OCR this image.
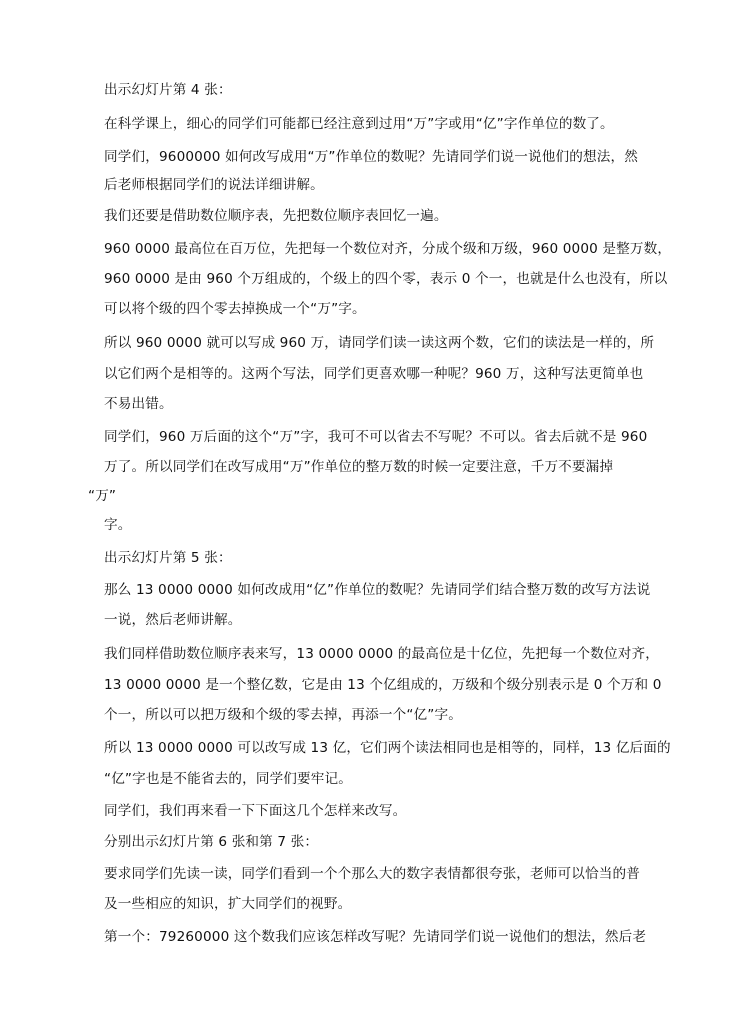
出示幻灯片第 4 张：
在科学课上，细心的同学们可能都已经注意到过用“万”字或用“亿”字作单位的数了。
同学们，9600000 如何改写成用“万”作单位的数呢？先请同学们说一说他们的想法，然
后老师根据同学们的说法详细讲解。
我们还要是借助数位顺序表，先把数位顺序表回忆一遍。
960 0000 最高位在百万位，先把每一个数位对齐，分成个级和万级，960 0000 是整万数，
960 0000 是由 960 个万组成的，个级上的四个零，表示 0 个一，也就是什么也没有，所以
可以将个级的四个零去掉换成一个“万”字。
所以 960 0000 就可以写成 960 万，请同学们读一读这两个数，它们的读法是一样的，所
以它们两个是相等的。这两个写法，同学们更喜欢哪一种呢？960 万，这种写法更简单也
不易出错。
同学们，960 万后面的这个“万”字，我可不可以省去不写呢？不可以。省去后就不是 960
万了。所以同学们在改写成用“万”作单位的整万数的时候一定要注意，千万不要漏掉
“万”
字。
出示幻灯片第 5 张：
那么 13 0000 0000 如何改成用“亿”作单位的数呢？先请同学们结合整万数的改写方法说
一说，然后老师讲解。
我们同样借助数位顺序表来写，13 0000 0000 的最高位是十亿位，先把每一个数位对齐，
13 0000 0000 是一个整亿数，它是由 13 个亿组成的，万级和个级分别表示是 0 个万和 0
个一，所以可以把万级和个级的零去掉，再添一个“亿”字。
所以 13 0000 0000 可以改写成 13 亿，它们两个读法相同也是相等的，同样，13 亿后面的
“亿”字也是不能省去的，同学们要牢记。
同学们，我们再来看一下下面这几个怎样来改写。
分别出示幻灯片第 6 张和第 7 张：
要求同学们先读一读，同学们看到一个个那么大的数字表情都很夸张，老师可以恰当的普
及一些相应的知识，扩大同学们的视野。
第一个：79260000 这个数我们应该怎样改写呢？先请同学们说一说他们的想法，然后老
